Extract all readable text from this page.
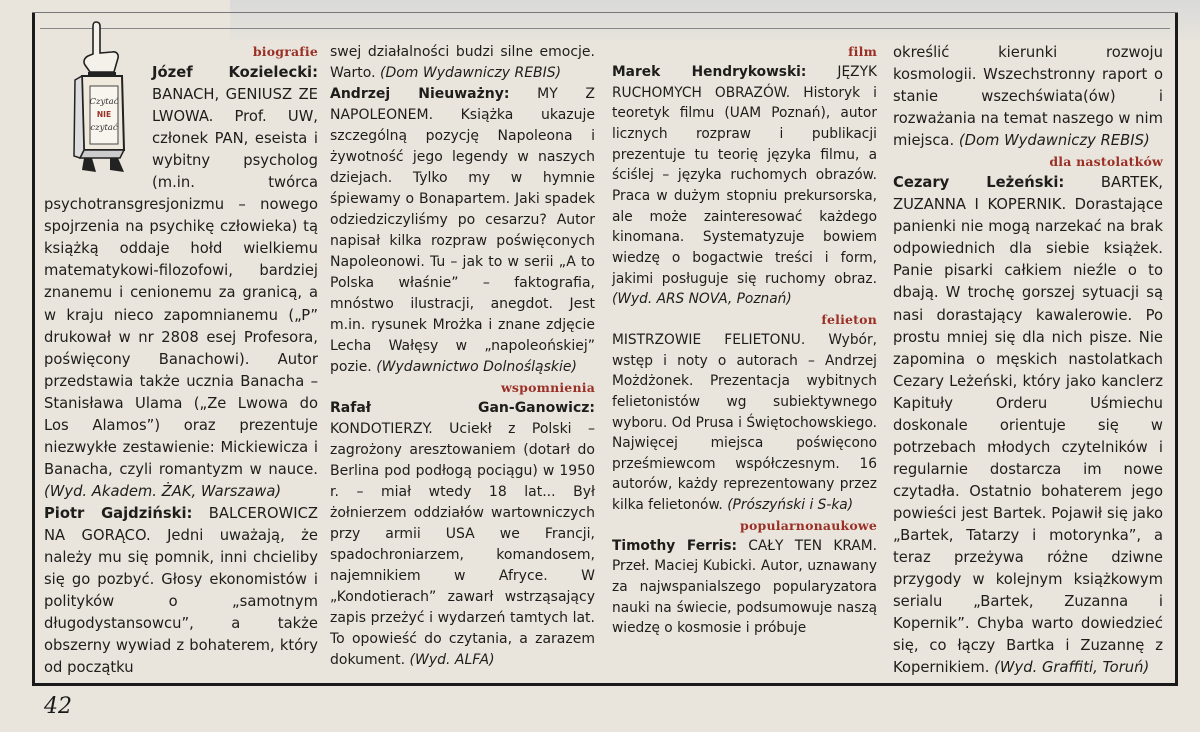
Czytać
NIE
czytać
biografie

Józef Kozielecki: BANACH, GENIUSZ ZE LWOWA. Prof. UW, członek PAN, eseista i wybitny psycholog (m.in. twórca psychotransgresjonizmu – nowego spojrzenia na psychikę człowieka) tą książką oddaje hołd wielkiemu matematykowi-filozofowi, bardziej znanemu i cenionemu za granicą, a w kraju nieco zapomnianemu („P” drukował w nr 2808 esej Profesora, poświęcony Banachowi). Autor przedstawia także ucznia Banacha – Stanisława Ulama („Ze Lwowa do Los Alamos”) oraz prezentuje niezwykłe zestawienie: Mickiewicza i Banacha, czyli romantyzm w nauce. (Wyd. Akadem. ŻAK, Warszawa)

Piotr Gajdziński: BALCEROWICZ NA GORĄCO. Jedni uważają, że należy mu się pomnik, inni chcieliby się go pozbyć. Głosy ekonomistów i polityków o „samotnym długodystansowcu”, a także obszerny wywiad z bohaterem, który od początku

swej działalności budzi silne emocje. Warto. (Dom Wydawniczy REBIS)

Andrzej Nieuważny: MY Z NAPOLEONEM. Książka ukazuje szczególną pozycję Napoleona i żywotność jego legendy w naszych dziejach. Tylko my w hymnie śpiewamy o Bonapartem. Jaki spadek odziedziczyliśmy po cesarzu? Autor napisał kilka rozpraw poświęconych Napoleonowi. Tu – jak to w serii „A to Polska właśnie” – faktografia, mnóstwo ilustracji, anegdot. Jest m.in. rysunek Mrożka i znane zdjęcie Lecha Wałęsy w „napoleońskiej” pozie. (Wydawnictwo Dolnośląskie)

wspomnienia

Rafał Gan-Ganowicz: KONDOTIERZY. Uciekł z Polski – zagrożony aresztowaniem (dotarł do Berlina pod podłogą pociągu) w 1950 r. – miał wtedy 18 lat... Był żołnierzem oddziałów wartowniczych przy armii USA we Francji, spadochroniarzem, komandosem, najemnikiem w Afryce. W „Kondotierach” zawarł wstrząsający zapis przeżyć i wydarzeń tamtych lat. To opowieść do czytania, a zarazem dokument. (Wyd. ALFA)

film

Marek Hendrykowski: JĘZYK RUCHOMYCH OBRAZÓW. Historyk i teoretyk filmu (UAM Poznań), autor licznych rozpraw i publikacji prezentuje tu teorię języka filmu, a ściślej – języka ruchomych obrazów. Praca w dużym stopniu prekursorska, ale może zainteresować każdego kinomana. Systematyzuje bowiem wiedzę o bogactwie treści i form, jakimi posługuje się ruchomy obraz. (Wyd. ARS NOVA, Poznań)

felieton

MISTRZOWIE FELIETONU. Wybór, wstęp i noty o autorach – Andrzej Możdżonek. Prezentacja wybitnych felietonistów wg subiektywnego wyboru. Od Prusa i Świętochowskiego. Najwięcej miejsca poświęcono prześmiewcom współczesnym. 16 autorów, każdy reprezentowany przez kilka felietonów. (Prószyński i S-ka)

popularnonaukowe

Timothy Ferris: CAŁY TEN KRAM. Przeł. Maciej Kubicki. Autor, uznawany za najwspanialszego popularyzatora nauki na świecie, podsumowuje naszą wiedzę o kosmosie i próbuje

określić kierunki rozwoju kosmologii. Wszechstronny raport o stanie wszechświata(ów) i rozważania na temat naszego w nim miejsca. (Dom Wydawniczy REBIS)

dla nastolatków

Cezary Leżeński: BARTEK, ZUZANNA I KOPERNIK. Dorastające panienki nie mogą narzekać na brak odpowiednich dla siebie książek. Panie pisarki całkiem nieźle o to dbają. W trochę gorszej sytuacji są nasi dorastający kawalerowie. Po prostu mniej się dla nich pisze. Nie zapomina o męskich nastolatkach Cezary Leżeński, który jako kanclerz Kapituły Orderu Uśmiechu doskonale orientuje się w potrzebach młodych czytelników i regularnie dostarcza im nowe czytadła. Ostatnio bohaterem jego powieści jest Bartek. Pojawił się jako „Bartek, Tatarzy i motorynka”, a teraz przeżywa różne dziwne przygody w kolejnym książkowym serialu „Bartek, Zuzanna i Kopernik”. Chyba warto dowiedzieć się, co łączy Bartka i Zuzannę z Kopernikiem. (Wyd. Graffiti, Toruń)

42
